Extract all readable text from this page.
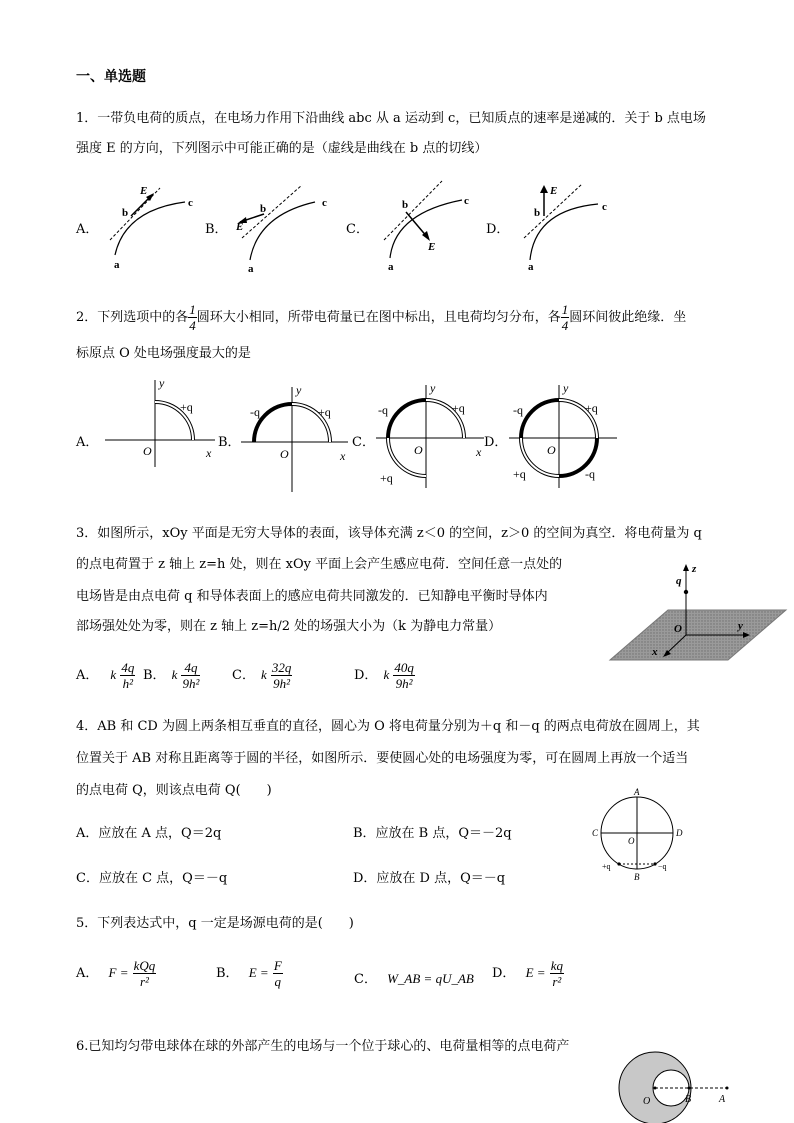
一、单选题
1．一带负电荷的质点，在电场力作用下沿曲线 abc 从 a 运动到 c，已知质点的速率是递减的．关于 b 点电场
强度 E 的方向，下列图示中可能正确的是（虚线是曲线在 b 点的切线）
A．	B．	C．	D．
E
b
c
a
E
b	c
a
E
b	c
a
E
b	c
a
2．下列选项中的各 $\frac{1}{4}$ 圆环大小相同，所带电荷量已在图中标出，且电荷均匀分布，各 $\frac{1}{4}$ 圆环间彼此绝缘．坐
标原点 O 处电场强度最大的是
A．	B．	C．	D．
y
+q
O	x
y
-q	+q
O	x
y
-q	+q
O	x
+q
y
-q	+q
O
+q	-q
3．如图所示，xOy 平面是无穷大导体的表面，该导体充满 z＜0 的空间，z＞0 的空间为真空．将电荷量为 q
的点电荷置于 z 轴上 z=h 处，则在 xOy 平面上会产生感应电荷．空间任意一点处的
电场皆是由点电荷 q 和导体表面上的感应电荷共同激发的．已知静电平衡时导体内
部场强处处为零，则在 z 轴上 z=h/2 处的场强大小为（k 为静电力常量）
A． k $\frac{4q}{\text{h²}}$ B． k $\frac{4q}{\text{9h²}}$ C． k $\frac{32q}{\text{9h²}}$	D． k $\frac{40q}{\text{9h²}}$
q
z
y
O
x
4．AB 和 CD 为圆上两条相互垂直的直径，圆心为 O 将电荷量分别为＋q 和－q 的两点电荷放在圆周上，其
位置关于 AB 对称且距离等于圆的半径，如图所示．要使圆心处的电场强度为零，可在圆周上再放一个适当
的点电荷 Q，则该点电荷 Q(　　)
A．应放在 A 点，Q＝2q	B．应放在 B 点，Q＝－2q
C．应放在 C 点，Q＝－q	D．应放在 D 点，Q＝－q
A
B
C	D
O
+q	−q
5．下列表达式中，q 一定是场源电荷的是(　　)
A． $F = \frac{\text{kQq}}{\text{r²}}$	B． $E = \frac{F}{q}$	C． W_AB = qU_AB D． $E = \frac{kq}{\text{r²}}$
6.已知均匀带电球体在球的外部产生的电场与一个位于球心的、电荷量相等的点电荷产
O	B	A
